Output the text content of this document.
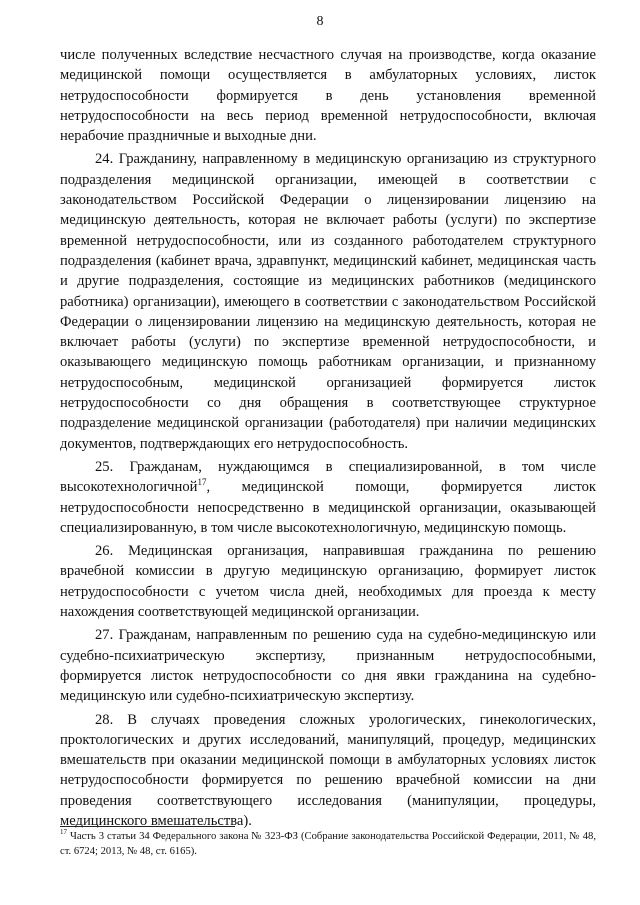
8

числе полученных вследствие несчастного случая на производстве, когда оказание медицинской помощи осуществляется в амбулаторных условиях, листок нетрудоспособности формируется в день установления временной нетрудоспособности на весь период временной нетрудоспособности, включая нерабочие праздничные и выходные дни.

24. Гражданину, направленному в медицинскую организацию из структурного подразделения медицинской организации, имеющей в соответствии с законодательством Российской Федерации о лицензировании лицензию на медицинскую деятельность, которая не включает работы (услуги) по экспертизе временной нетрудоспособности, или из созданного работодателем структурного подразделения (кабинет врача, здравпункт, медицинский кабинет, медицинская часть и другие подразделения, состоящие из медицинских работников (медицинского работника) организации), имеющего в соответствии с законодательством Российской Федерации о лицензировании лицензию на медицинскую деятельность, которая не включает работы (услуги) по экспертизе временной нетрудоспособности, и оказывающего медицинскую помощь работникам организации, и признанному нетрудоспособным, медицинской организацией формируется листок нетрудоспособности со дня обращения в соответствующее структурное подразделение медицинской организации (работодателя) при наличии медицинских документов, подтверждающих его нетрудоспособность.

25. Гражданам, нуждающимся в специализированной, в том числе высокотехнологичной$^{17}$, медицинской помощи, формируется листок нетрудоспособности непосредственно в медицинской организации, оказывающей специализированную, в том числе высокотехнологичную, медицинскую помощь.

26. Медицинская организация, направившая гражданина по решению врачебной комиссии в другую медицинскую организацию, формирует листок нетрудоспособности с учетом числа дней, необходимых для проезда к месту нахождения соответствующей медицинской организации.

27. Гражданам, направленным по решению суда на судебно-медицинскую или судебно-психиатрическую экспертизу, признанным нетрудоспособными, формируется листок нетрудоспособности со дня явки гражданина на судебно-медицинскую или судебно-психиатрическую экспертизу.

28. В случаях проведения сложных урологических, гинекологических, проктологических и других исследований, манипуляций, процедур, медицинских вмешательств при оказании медицинской помощи в амбулаторных условиях листок нетрудоспособности формируется по решению врачебной комиссии на дни проведения соответствующего исследования (манипуляции, процедуры, медицинского вмешательства).

$^{17}$ Часть 3 статьи 34 Федерального закона № 323-ФЗ (Собрание законодательства Российской Федерации, 2011, № 48, ст. 6724; 2013, № 48, ст. 6165).
